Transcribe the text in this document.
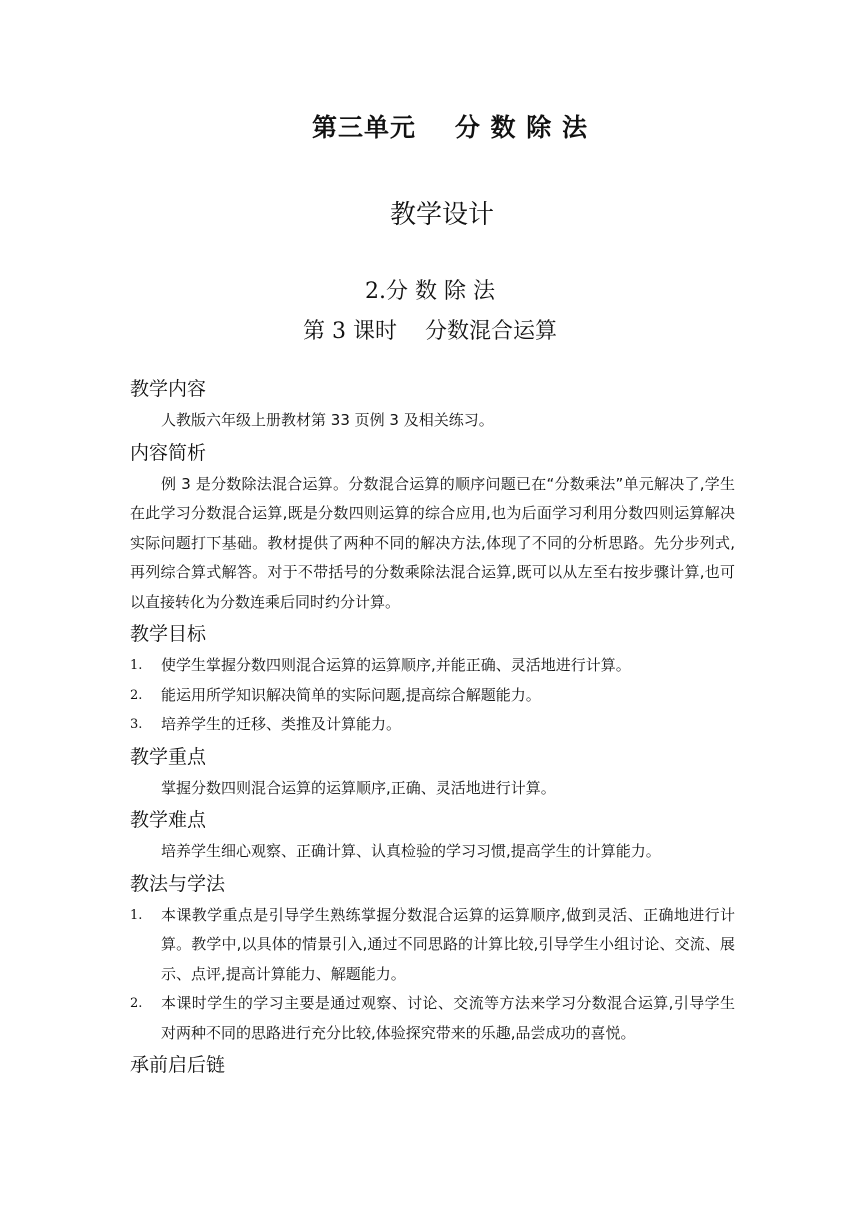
第三单元    分 数 除 法
教学设计
2.分 数 除 法
第 3 课时    分数混合运算
教学内容
人教版六年级上册教材第 33 页例 3 及相关练习。
内容简析
例 3 是分数除法混合运算。分数混合运算的顺序问题已在“分数乘法”单元解决了,学生在此学习分数混合运算,既是分数四则运算的综合应用,也为后面学习利用分数四则运算解决实际问题打下基础。教材提供了两种不同的解决方法,体现了不同的分析思路。先分步列式,再列综合算式解答。对于不带括号的分数乘除法混合运算,既可以从左至右按步骤计算,也可以直接转化为分数连乘后同时约分计算。
教学目标
1. 使学生掌握分数四则混合运算的运算顺序,并能正确、灵活地进行计算。
2. 能运用所学知识解决简单的实际问题,提高综合解题能力。
3. 培养学生的迁移、类推及计算能力。
教学重点
掌握分数四则混合运算的运算顺序,正确、灵活地进行计算。
教学难点
培养学生细心观察、正确计算、认真检验的学习习惯,提高学生的计算能力。
教法与学法
1. 本课教学重点是引导学生熟练掌握分数混合运算的运算顺序,做到灵活、正确地进行计算。教学中,以具体的情景引入,通过不同思路的计算比较,引导学生小组讨论、交流、展示、点评,提高计算能力、解题能力。
2. 本课时学生的学习主要是通过观察、讨论、交流等方法来学习分数混合运算,引导学生对两种不同的思路进行充分比较,体验探究带来的乐趣,品尝成功的喜悦。
承前启后链
